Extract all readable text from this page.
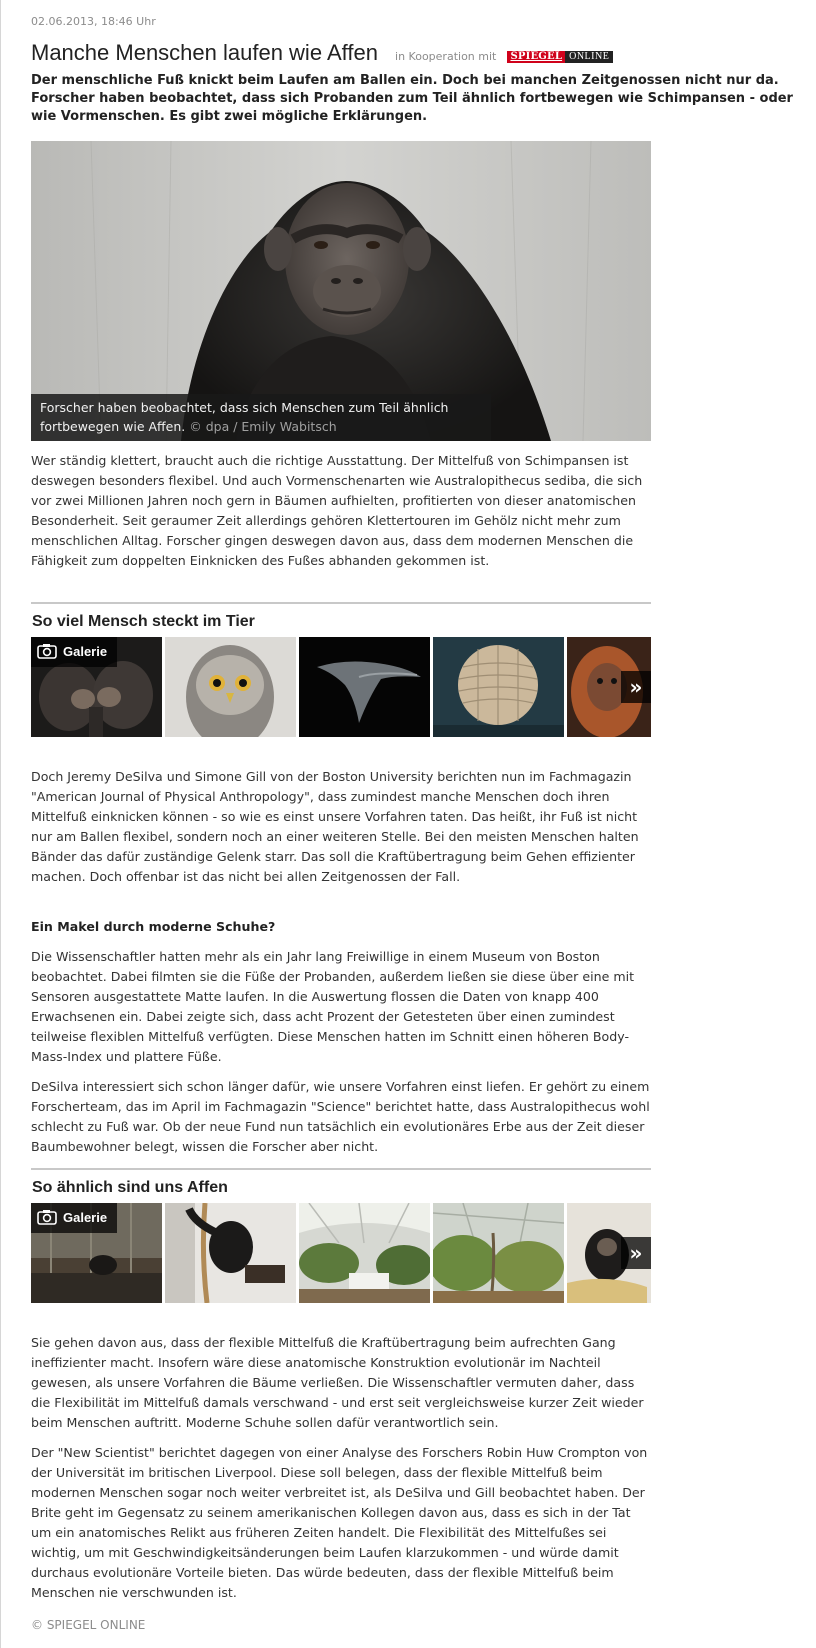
02.06.2013, 18:46 Uhr
Manche Menschen laufen wie Affen in Kooperation mit SPIEGEL ONLINE
Der menschliche Fuß knickt beim Laufen am Ballen ein. Doch bei manchen Zeitgenossen nicht nur da. Forscher haben beobachtet, dass sich Probanden zum Teil ähnlich fortbewegen wie Schimpansen - oder wie Vormenschen. Es gibt zwei mögliche Erklärungen.
Forscher haben beobachtet, dass sich Menschen zum Teil ähnlich fortbewegen wie Affen. © dpa / Emily Wabitsch

Wer ständig klettert, braucht auch die richtige Ausstattung. Der Mittelfuß von Schimpansen ist deswegen besonders flexibel. Und auch Vormenschenarten wie Australopithecus sediba, die sich vor zwei Millionen Jahren noch gern in Bäumen aufhielten, profitierten von dieser anatomischen Besonderheit. Seit geraumer Zeit allerdings gehören Klettertouren im Gehölz nicht mehr zum menschlichen Alltag. Forscher gingen deswegen davon aus, dass dem modernen Menschen die Fähigkeit zum doppelten Einknicken des Fußes abhanden gekommen ist.

So viel Mensch steckt im Tier
Galerie
»

Doch Jeremy DeSilva und Simone Gill von der Boston University berichten nun im Fachmagazin "American Journal of Physical Anthropology", dass zumindest manche Menschen doch ihren Mittelfuß einknicken können - so wie es einst unsere Vorfahren taten. Das heißt, ihr Fuß ist nicht nur am Ballen flexibel, sondern noch an einer weiteren Stelle. Bei den meisten Menschen halten Bänder das dafür zuständige Gelenk starr. Das soll die Kraftübertragung beim Gehen effizienter machen. Doch offenbar ist das nicht bei allen Zeitgenossen der Fall.

Ein Makel durch moderne Schuhe?

Die Wissenschaftler hatten mehr als ein Jahr lang Freiwillige in einem Museum von Boston beobachtet. Dabei filmten sie die Füße der Probanden, außerdem ließen sie diese über eine mit Sensoren ausgestattete Matte laufen. In die Auswertung flossen die Daten von knapp 400 Erwachsenen ein. Dabei zeigte sich, dass acht Prozent der Getesteten über einen zumindest teilweise flexiblen Mittelfuß verfügten. Diese Menschen hatten im Schnitt einen höheren Body-Mass-Index und plattere Füße.

DeSilva interessiert sich schon länger dafür, wie unsere Vorfahren einst liefen. Er gehört zu einem Forscherteam, das im April im Fachmagazin "Science" berichtet hatte, dass Australopithecus wohl schlecht zu Fuß war. Ob der neue Fund nun tatsächlich ein evolutionäres Erbe aus der Zeit dieser Baumbewohner belegt, wissen die Forscher aber nicht.

So ähnlich sind uns Affen
Galerie
»

Sie gehen davon aus, dass der flexible Mittelfuß die Kraftübertragung beim aufrechten Gang ineffizienter macht. Insofern wäre diese anatomische Konstruktion evolutionär im Nachteil gewesen, als unsere Vorfahren die Bäume verließen. Die Wissenschaftler vermuten daher, dass die Flexibilität im Mittelfuß damals verschwand - und erst seit vergleichsweise kurzer Zeit wieder beim Menschen auftritt. Moderne Schuhe sollen dafür verantwortlich sein.

Der "New Scientist" berichtet dagegen von einer Analyse des Forschers Robin Huw Crompton von der Universität im britischen Liverpool. Diese soll belegen, dass der flexible Mittelfuß beim modernen Menschen sogar noch weiter verbreitet ist, als DeSilva und Gill beobachtet haben. Der Brite geht im Gegensatz zu seinem amerikanischen Kollegen davon aus, dass es sich in der Tat um ein anatomisches Relikt aus früheren Zeiten handelt. Die Flexibilität des Mittelfußes sei wichtig, um mit Geschwindigkeitsänderungen beim Laufen klarzukommen - und würde damit durchaus evolutionäre Vorteile bieten. Das würde bedeuten, dass der flexible Mittelfuß beim Menschen nie verschwunden ist.

© SPIEGEL ONLINE
